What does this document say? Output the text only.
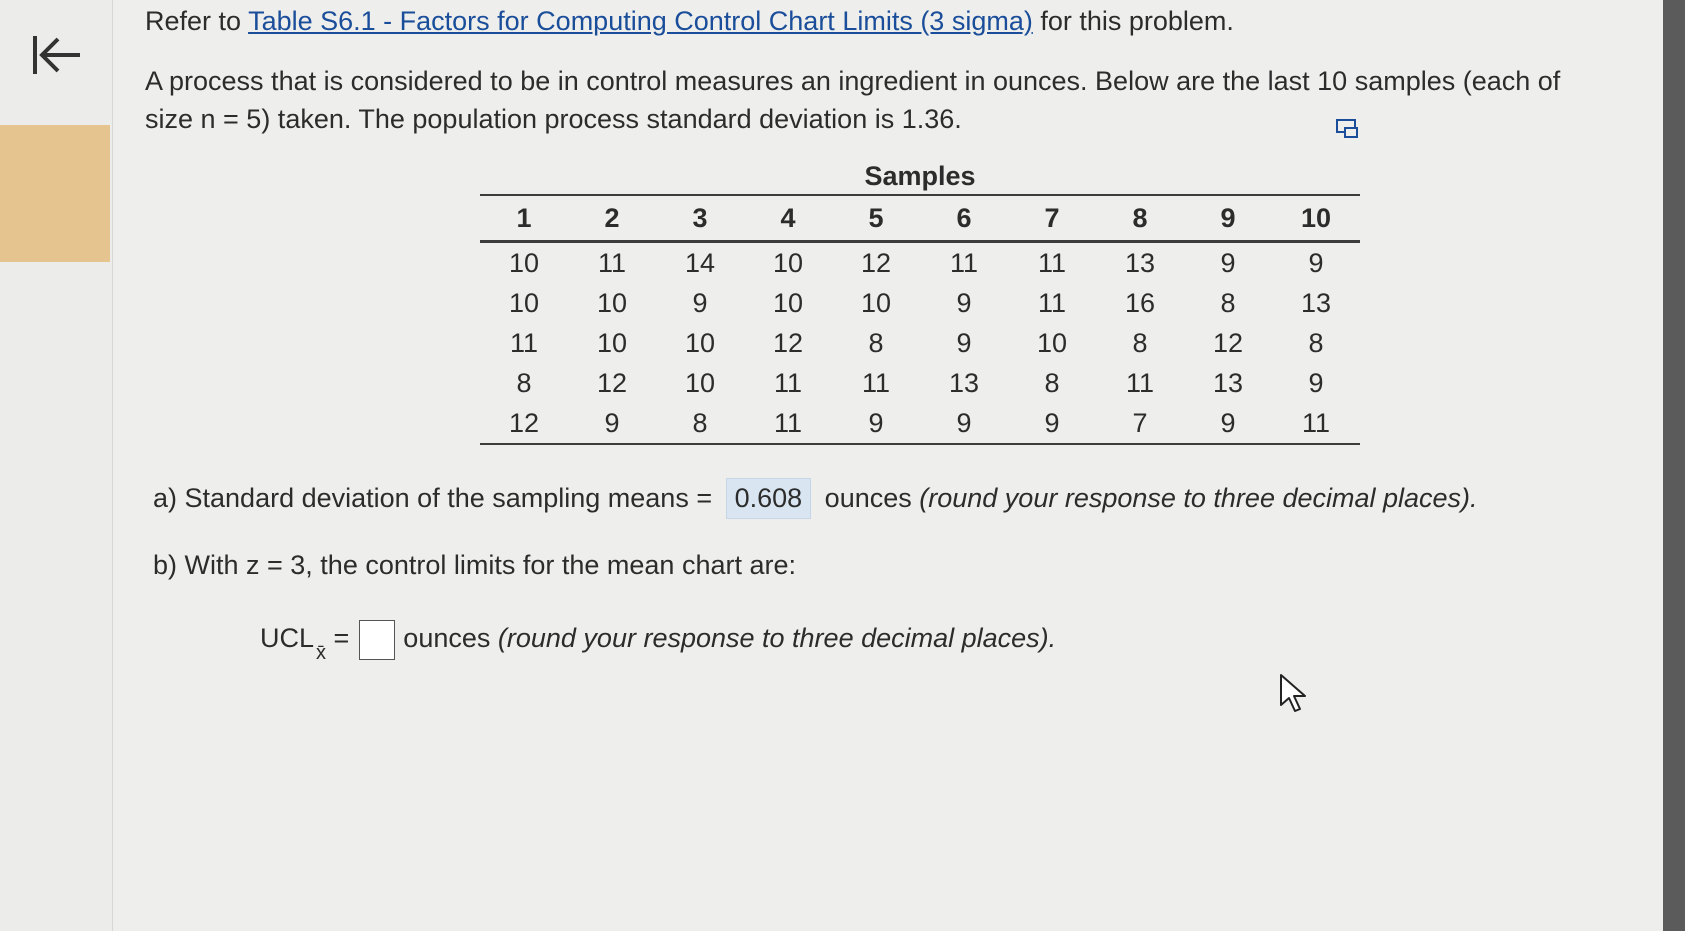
Refer to Table S6.1 - Factors for Computing Control Chart Limits (3 sigma) for this problem.
A process that is considered to be in control measures an ingredient in ounces. Below are the last 10 samples (each of size n = 5) taken. The population process standard deviation is 1.36.
Samples
1	2	3	4	5	6	7	8	9	10
10	11	14	10	12	11	11	13	9	9
10	10	9	10	10	9	11	16	8	13
11	10	10	12	8	9	10	8	12	8
8	12	10	11	11	13	8	11	13	9
12	9	8	11	9	9	9	7	9	11
a) Standard deviation of the sampling means = 0.608 ounces (round your response to three decimal places).
b) With z = 3, the control limits for the mean chart are:
UCL $_{x̄}$ = ounces (round your response to three decimal places).
